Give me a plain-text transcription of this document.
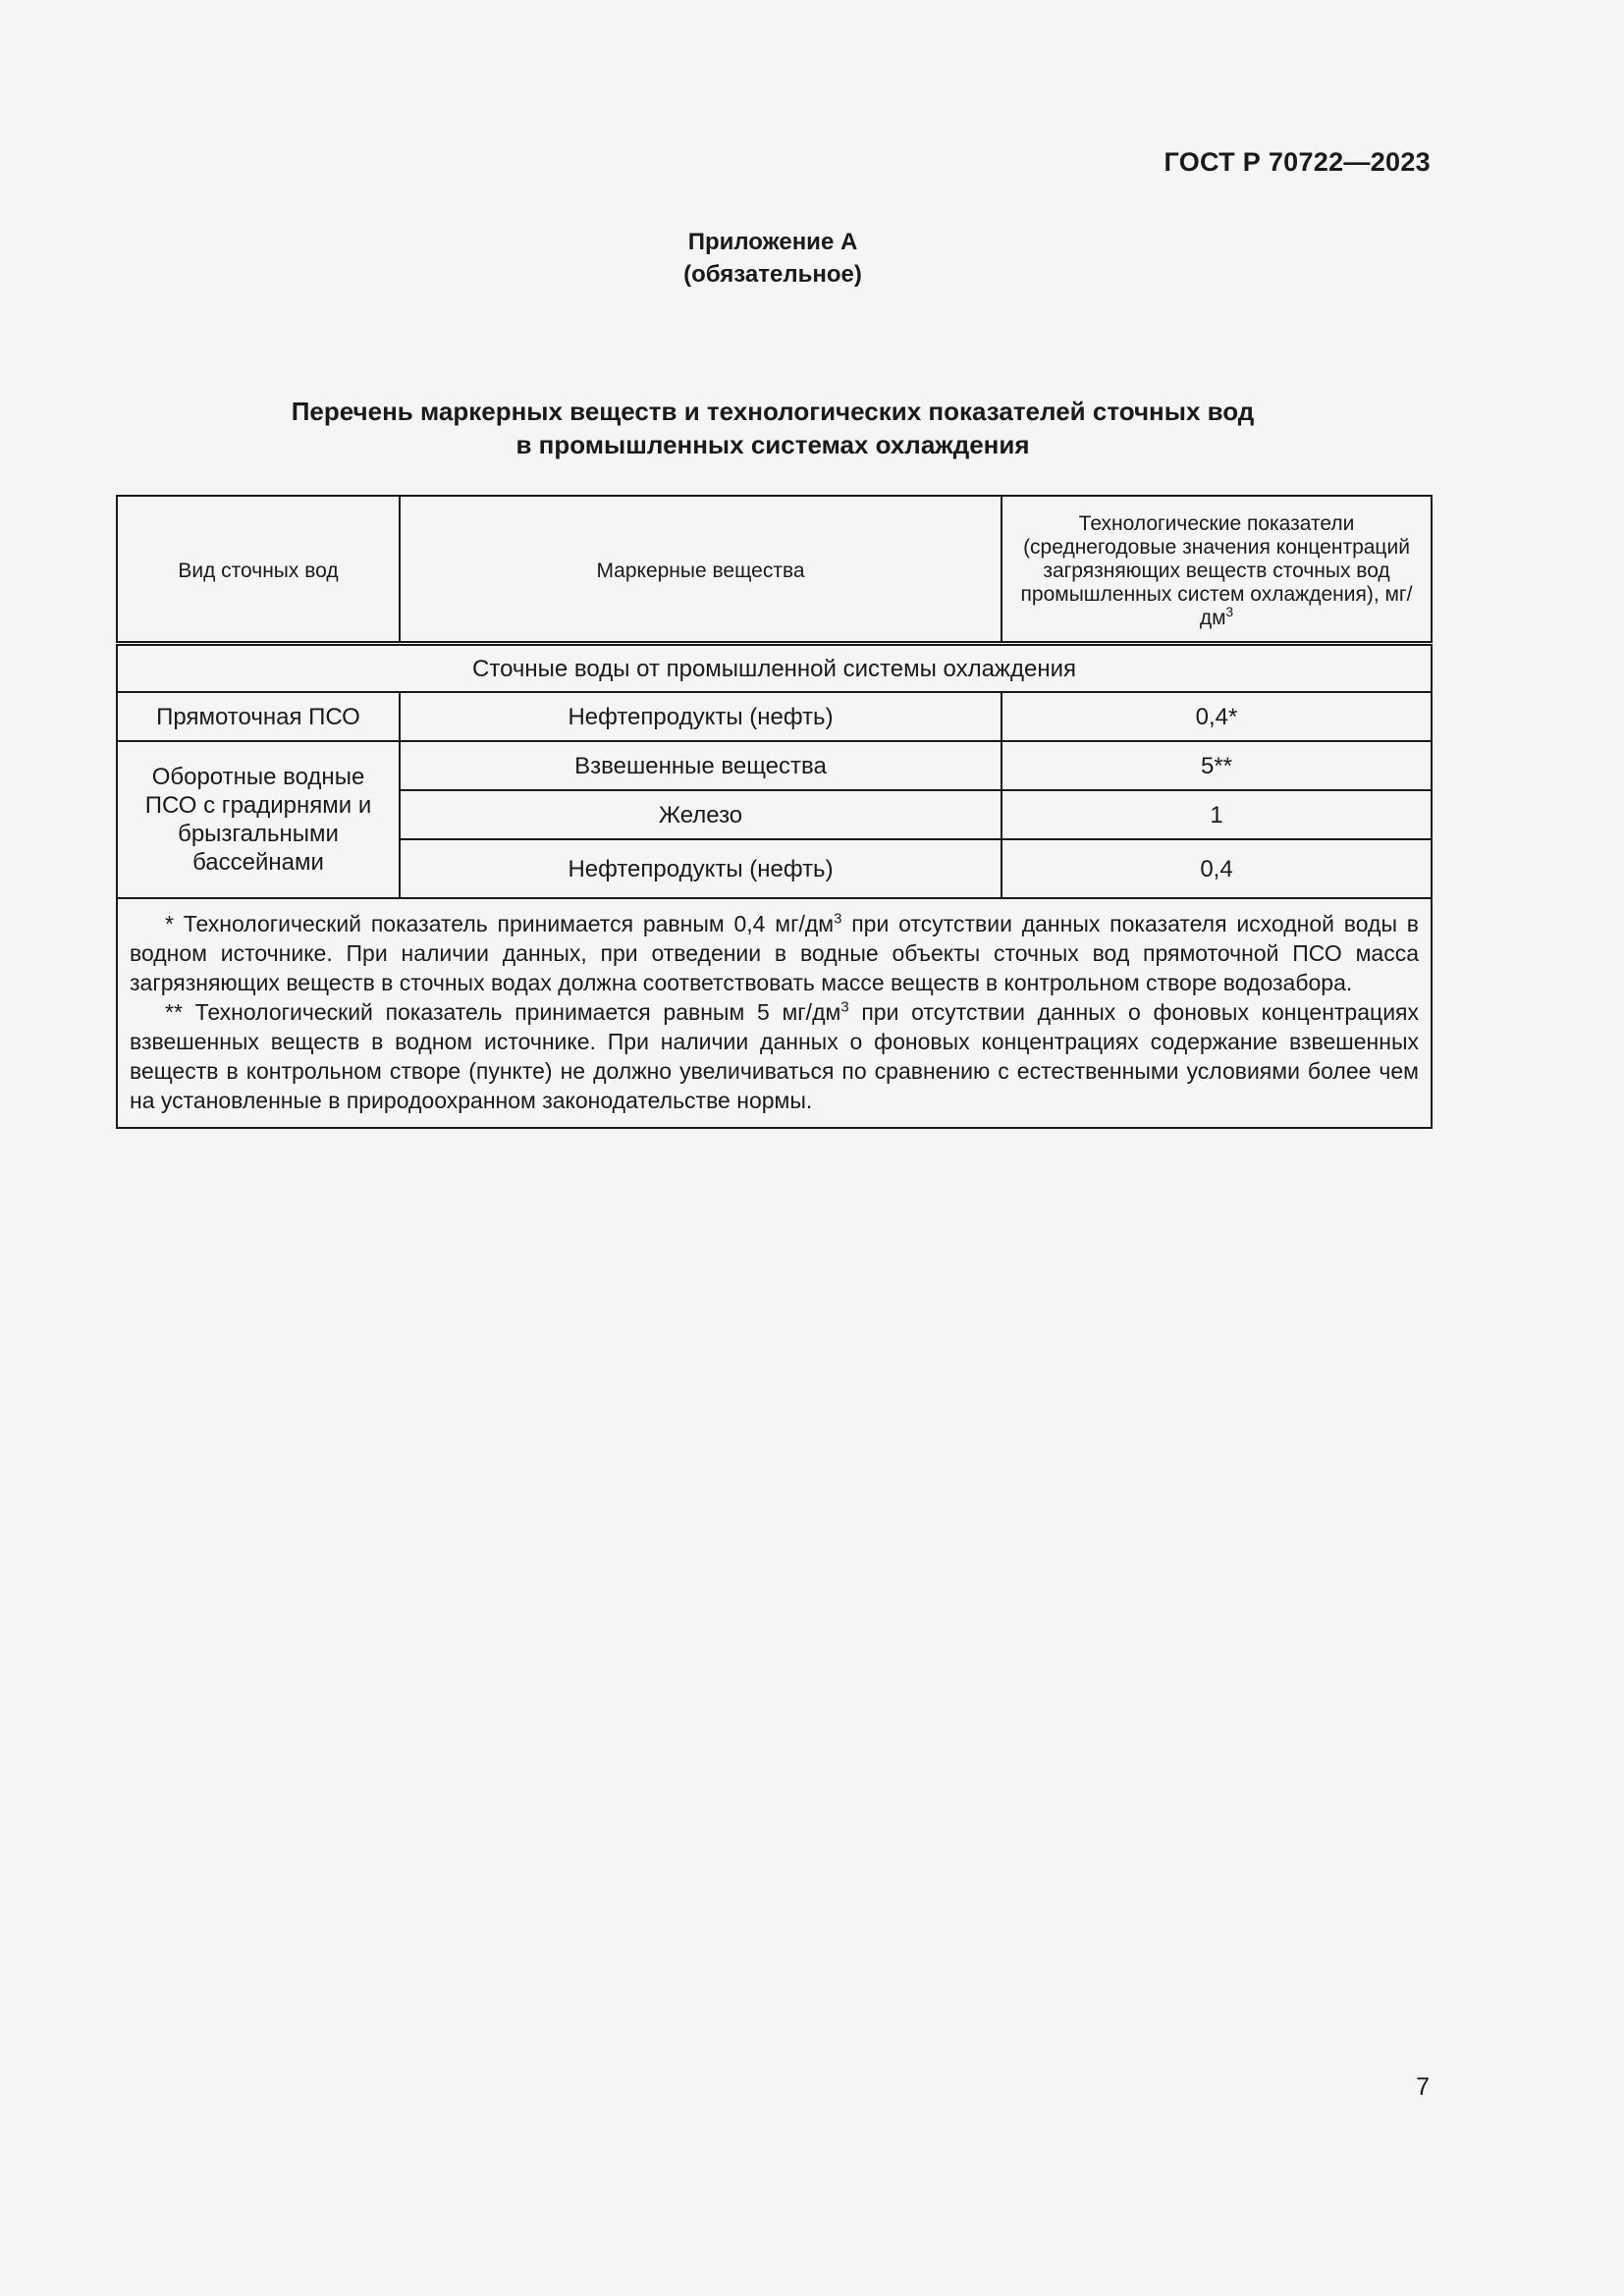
ГОСТ Р 70722—2023
Приложение А
(обязательное)
Перечень маркерных веществ и технологических показателей сточных вод
в промышленных системах охлаждения
Вид сточных вод	Маркерные вещества	Технологические показатели (среднегодовые значения концентраций загрязняющих веществ сточных вод промышленных систем охлаждения), $мг/дм^3$
Сточные воды от промышленной системы охлаждения		
Прямоточная ПСО	Нефтепродукты (нефть)	0,4*
Оборотные водные ПСО с градирнями и брызгальными бассейнами	Взвешенные вещества	5**
	Железо	1
	Нефтепродукты (нефть)	0,4

* Технологический показатель принимается равным 0,4 $мг/дм^3$ при отсутствии данных показателя исходной воды в водном источнике. При наличии данных, при отведении в водные объекты сточных вод прямоточной ПСО масса загрязняющих веществ в сточных водах должна соответствовать массе веществ в контрольном створе водозабора.

** Технологический показатель принимается равным 5 $мг/дм^3$ при отсутствии данных о фоновых концентрациях взвешенных веществ в водном источнике. При наличии данных о фоновых концентрациях содержание взвешенных веществ в контрольном створе (пункте) не должно увеличиваться по сравнению с естественными условиями более чем на установленные в природоохранном законодательстве нормы.		

7
